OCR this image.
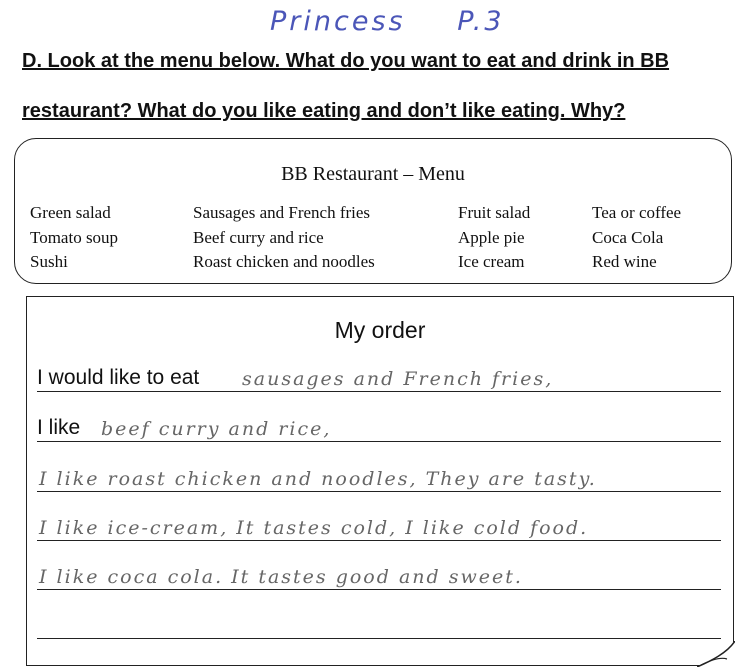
Princess P.3
D. Look at the menu below. What do you want to eat and drink in BB
restaurant? What do you like eating and don’t like eating. Why?
BB Restaurant – Menu
Green salad
Tomato soup
Sushi
Sausages and French fries
Beef curry and rice
Roast chicken and noodles
Fruit salad
Apple pie
Ice cream
Tea or coffee
Coca Cola
Red wine
My order
I would like to eat sausages and French fries,
I like beef curry and rice,
I like roast chicken and noodles, They are tasty.
I like ice-cream, It tastes cold, I like cold food.
I like coca cola. It tastes good and sweet.
